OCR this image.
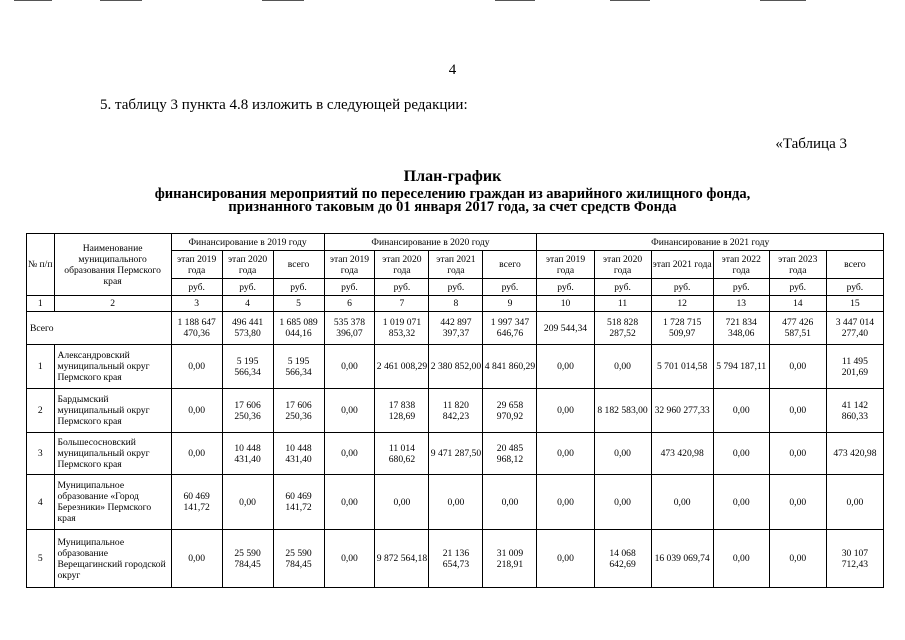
4
5. таблицу 3 пункта 4.8 изложить в следующей редакции:
«Таблица 3
План-график
финансирования мероприятий по переселению граждан из аварийного жилищного фонда, признанного таковым до 01 января 2017 года, за счет средств Фонда
№ п/п	Наименование муниципального образования Пермского края	Финансирование в 2019 году			Финансирование в 2020 году				Финансирование в 2021 году					
		этап 2019 года	этап 2020 года	всего	этап 2019 года	этап 2020 года	этап 2021 года	всего	этап 2019 года	этап 2020 года	этап 2021 года	этап 2022 года	этап 2023 года	всего
		руб.	руб.	руб.	руб.	руб.	руб.	руб.	руб.	руб.	руб.	руб.	руб.	руб.
1	2	3	4	5	6	7	8	9	10	11	12	13	14	15
Всего		1 188 647 470,36	496 441 573,80	1 685 089 044,16	535 378 396,07	1 019 071 853,32	442 897 397,37	1 997 347 646,76	209 544,34	518 828 287,52	1 728 715 509,97	721 834 348,06	477 426 587,51	3 447 014 277,40
1	Александровский муниципальный округ Пермского края	0,00	5 195 566,34	5 195 566,34	0,00	2 461 008,29	2 380 852,00	4 841 860,29	0,00	0,00	5 701 014,58	5 794 187,11	0,00	11 495 201,69
2	Бардымский муниципальный округ Пермского края	0,00	17 606 250,36	17 606 250,36	0,00	17 838 128,69	11 820 842,23	29 658 970,92	0,00	8 182 583,00	32 960 277,33	0,00	0,00	41 142 860,33
3	Большесосновский муниципальный округ Пермского края	0,00	10 448 431,40	10 448 431,40	0,00	11 014 680,62	9 471 287,50	20 485 968,12	0,00	0,00	473 420,98	0,00	0,00	473 420,98
4	Муниципальное образование «Город Березники» Пермского края	60 469 141,72	0,00	60 469 141,72	0,00	0,00	0,00	0,00	0,00	0,00	0,00	0,00	0,00	0,00
5	Муниципальное образование Верещагинский городской округ	0,00	25 590 784,45	25 590 784,45	0,00	9 872 564,18	21 136 654,73	31 009 218,91	0,00	14 068 642,69	16 039 069,74	0,00	0,00	30 107 712,43
